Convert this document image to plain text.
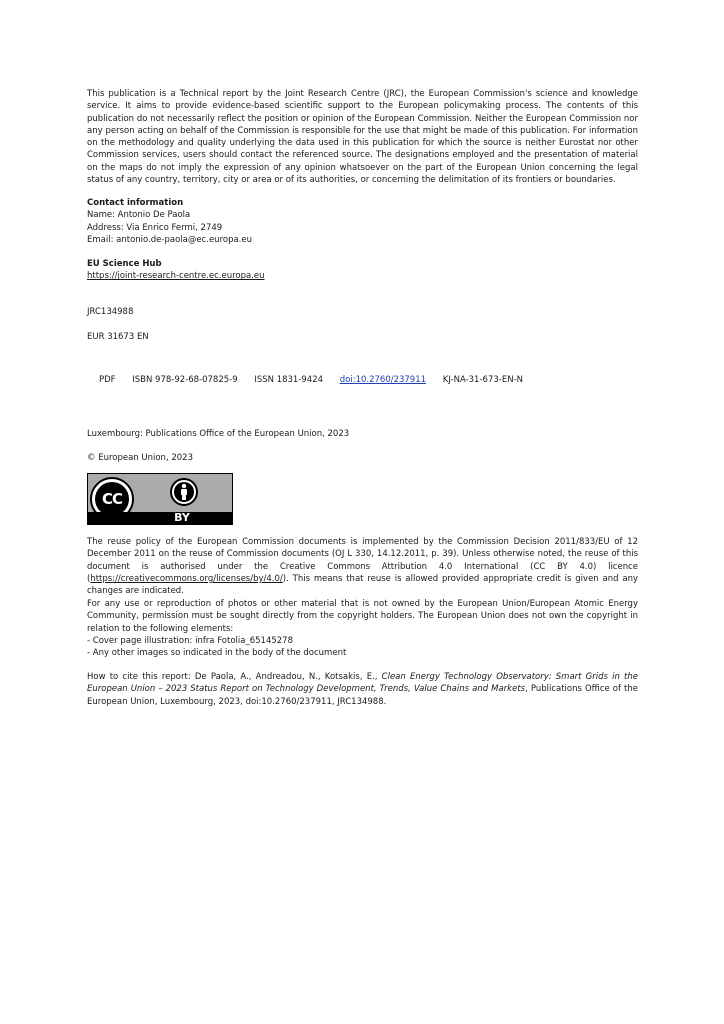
This publication is a Technical report by the Joint Research Centre (JRC), the European Commission's science and knowledge service. It aims to provide evidence-based scientific support to the European policymaking process. The contents of this publication do not necessarily reflect the position or opinion of the European Commission. Neither the European Commission nor any person acting on behalf of the Commission is responsible for the use that might be made of this publication. For information on the methodology and quality underlying the data used in this publication for which the source is neither Eurostat nor other Commission services, users should contact the referenced source. The designations employed and the presentation of material on the maps do not imply the expression of any opinion whatsoever on the part of the European Union concerning the legal status of any country, territory, city or area or of its authorities, or concerning the delimitation of its frontiers or boundaries.

Contact information

Name: Antonio De Paola

Address: Via Enrico Fermi, 2749

Email: antonio.de-paola@ec.europa.eu

EU Science Hub

https://joint-research-centre.ec.europa.eu

JRC134988

EUR 31673 EN

PDF ISBN 978-92-68-07825-9 ISSN 1831-9424 doi:10.2760/237911 KJ-NA-31-673-EN-N

Luxembourg: Publications Office of the European Union, 2023

© European Union, 2023

CC
BY

The reuse policy of the European Commission documents is implemented by the Commission Decision 2011/833/EU of 12 December 2011 on the reuse of Commission documents (OJ L 330, 14.12.2011, p. 39). Unless otherwise noted, the reuse of this document is authorised under the Creative Commons Attribution 4.0 International (CC BY 4.0) licence (https://creativecommons.org/licenses/by/4.0/). This means that reuse is allowed provided appropriate credit is given and any changes are indicated.

For any use or reproduction of photos or other material that is not owned by the European Union/European Atomic Energy Community, permission must be sought directly from the copyright holders. The European Union does not own the copyright in relation to the following elements:

- Cover page illustration: infra Fotolia_65145278

- Any other images so indicated in the body of the document

How to cite this report: De Paola, A., Andreadou, N., Kotsakis, E., Clean Energy Technology Observatory: Smart Grids in the European Union – 2023 Status Report on Technology Development, Trends, Value Chains and Markets, Publications Office of the European Union, Luxembourg, 2023, doi:10.2760/237911, JRC134988.
